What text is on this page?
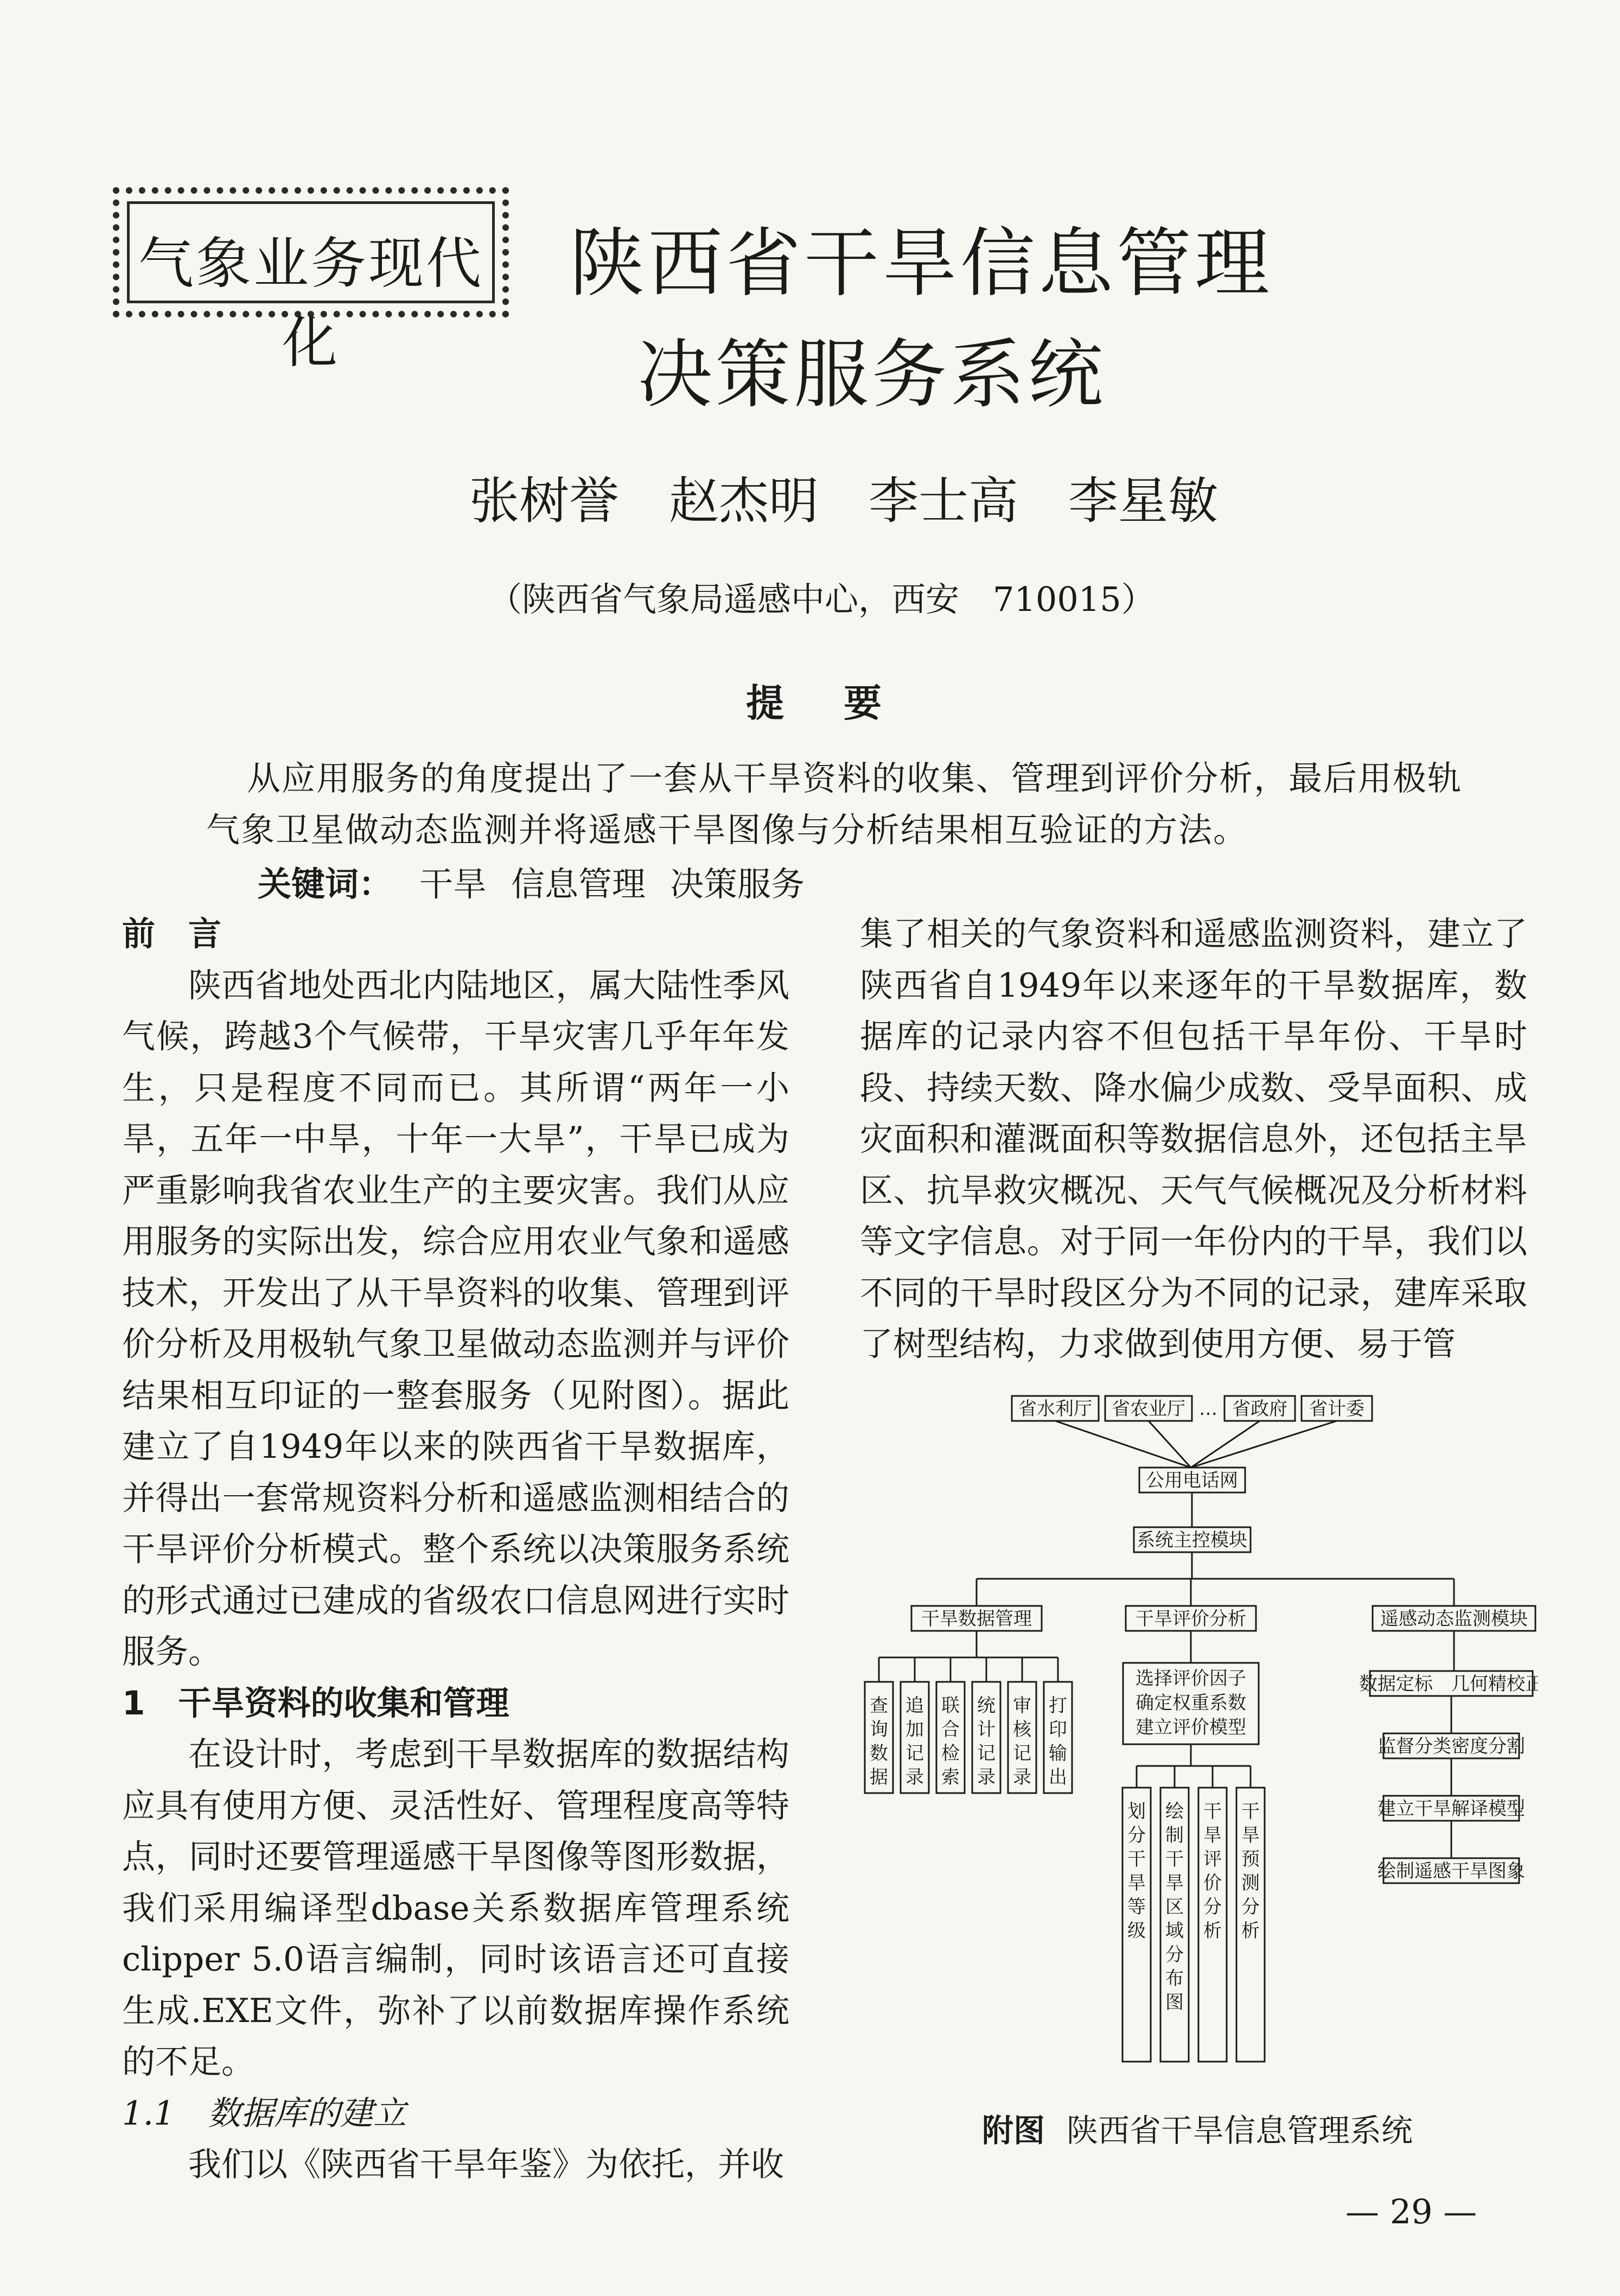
气象业务现代化
陕西省干旱信息管理
决策服务系统
张树誉　赵杰明　李士高　李星敏
（陕西省气象局遥感中心，西安　710015）
提要
从应用服务的角度提出了一套从干旱资料的收集、管理到评价分析，最后用极轨
气象卫星做动态监测并将遥感干旱图像与分析结果相互验证的方法。
关键词： 干旱 信息管理 决策服务

前　言

陕西省地处西北内陆地区，属大陆性季风气候，跨越3个气候带，干旱灾害几乎年年发生，只是程度不同而已。其所谓“两年一小旱，五年一中旱，十年一大旱”，干旱已成为严重影响我省农业生产的主要灾害。我们从应用服务的实际出发，综合应用农业气象和遥感技术，开发出了从干旱资料的收集、管理到评价分析及用极轨气象卫星做动态监测并与评价结果相互印证的一整套服务（见附图）。据此建立了自1949年以来的陕西省干旱数据库，并得出一套常规资料分析和遥感监测相结合的干旱评价分析模式。整个系统以决策服务系统的形式通过已建成的省级农口信息网进行实时服务。

1　干旱资料的收集和管理

在设计时，考虑到干旱数据库的数据结构应具有使用方便、灵活性好、管理程度高等特点，同时还要管理遥感干旱图像等图形数据，我们采用编译型dbase关系数据库管理系统clipper 5.0语言编制，同时该语言还可直接生成.EXE文件，弥补了以前数据库操作系统的不足。

1.1　数据库的建立

我们以《陕西省干旱年鉴》为依托，并收

集了相关的气象资料和遥感监测资料，建立了陕西省自1949年以来逐年的干旱数据库，数据库的记录内容不但包括干旱年份、干旱时段、持续天数、降水偏少成数、受旱面积、成灾面积和灌溉面积等数据信息外，还包括主旱区、抗旱救灾概况、天气气候概况及分析材料等文字信息。对于同一年份内的干旱，我们以不同的干旱时段区分为不同的记录，建库采取了树型结构，力求做到使用方便、易于管

省水利厅 省农业厅 … 省政府 省计委
公用电话网
系统主控模块
干旱数据管理	干旱评价分析	遥感动态监测模块
查询数据
追加记录
联合检索
统计记录
审核记录
打印输出
选择评价因子
确定权重系数
建立评价模型
划分干旱等级
绘制干旱区域分布图
干旱评价分析
干旱预测分析
数据定标　几何精校正
监督分类密度分割
建立干旱解译模型
绘制遥感干旱图象
附图 陕西省干旱信息管理系统
— 29 —
